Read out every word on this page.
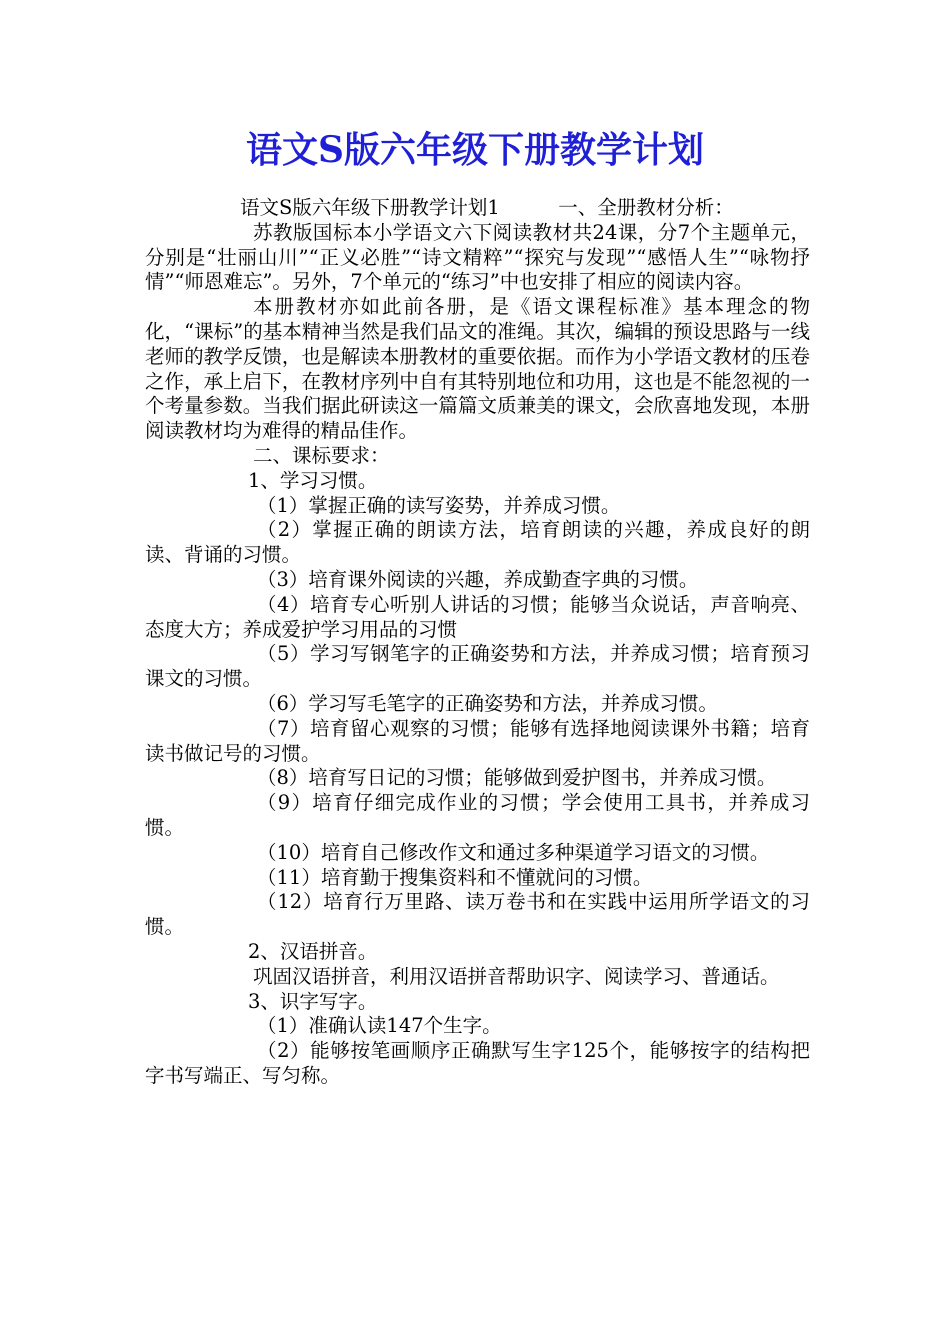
语文S版六年级下册教学计划

语文S版六年级下册教学计划1　　　一、全册教材分析：

苏教版国标本小学语文六下阅读教材共24课，分7个主题单元，分别是“壮丽山川”“正义必胜”“诗文精粹”“探究与发现”“感悟人生”“咏物抒情”“师恩难忘”。另外，7个单元的“练习”中也安排了相应的阅读内容。

本册教材亦如此前各册，是《语文课程标准》基本理念的物化，“课标”的基本精神当然是我们品文的准绳。其次，编辑的预设思路与一线老师的教学反馈，也是解读本册教材的重要依据。而作为小学语文教材的压卷之作，承上启下，在教材序列中自有其特别地位和功用，这也是不能忽视的一个考量参数。当我们据此研读这一篇篇文质兼美的课文，会欣喜地发现，本册阅读教材均为难得的精品佳作。

二、课标要求：

1、学习习惯。

（1）掌握正确的读写姿势，并养成习惯。

（2）掌握正确的朗读方法，培育朗读的兴趣，养成良好的朗读、背诵的习惯。

（3）培育课外阅读的兴趣，养成勤查字典的习惯。

（4）培育专心听别人讲话的习惯；能够当众说话，声音响亮、态度大方；养成爱护学习用品的习惯

（5）学习写钢笔字的正确姿势和方法，并养成习惯；培育预习课文的习惯。

（6）学习写毛笔字的正确姿势和方法，并养成习惯。

（7）培育留心观察的习惯；能够有选择地阅读课外书籍；培育读书做记号的习惯。

（8）培育写日记的习惯；能够做到爱护图书，并养成习惯。

（9）培育仔细完成作业的习惯；学会使用工具书，并养成习惯。

（10）培育自己修改作文和通过多种渠道学习语文的习惯。

（11）培育勤于搜集资料和不懂就问的习惯。

（12）培育行万里路、读万卷书和在实践中运用所学语文的习惯。

2、汉语拼音。

巩固汉语拼音，利用汉语拼音帮助识字、阅读学习、普通话。

3、识字写字。

（1）准确认读147个生字。

（2）能够按笔画顺序正确默写生字125个，能够按字的结构把字书写端正、写匀称。
